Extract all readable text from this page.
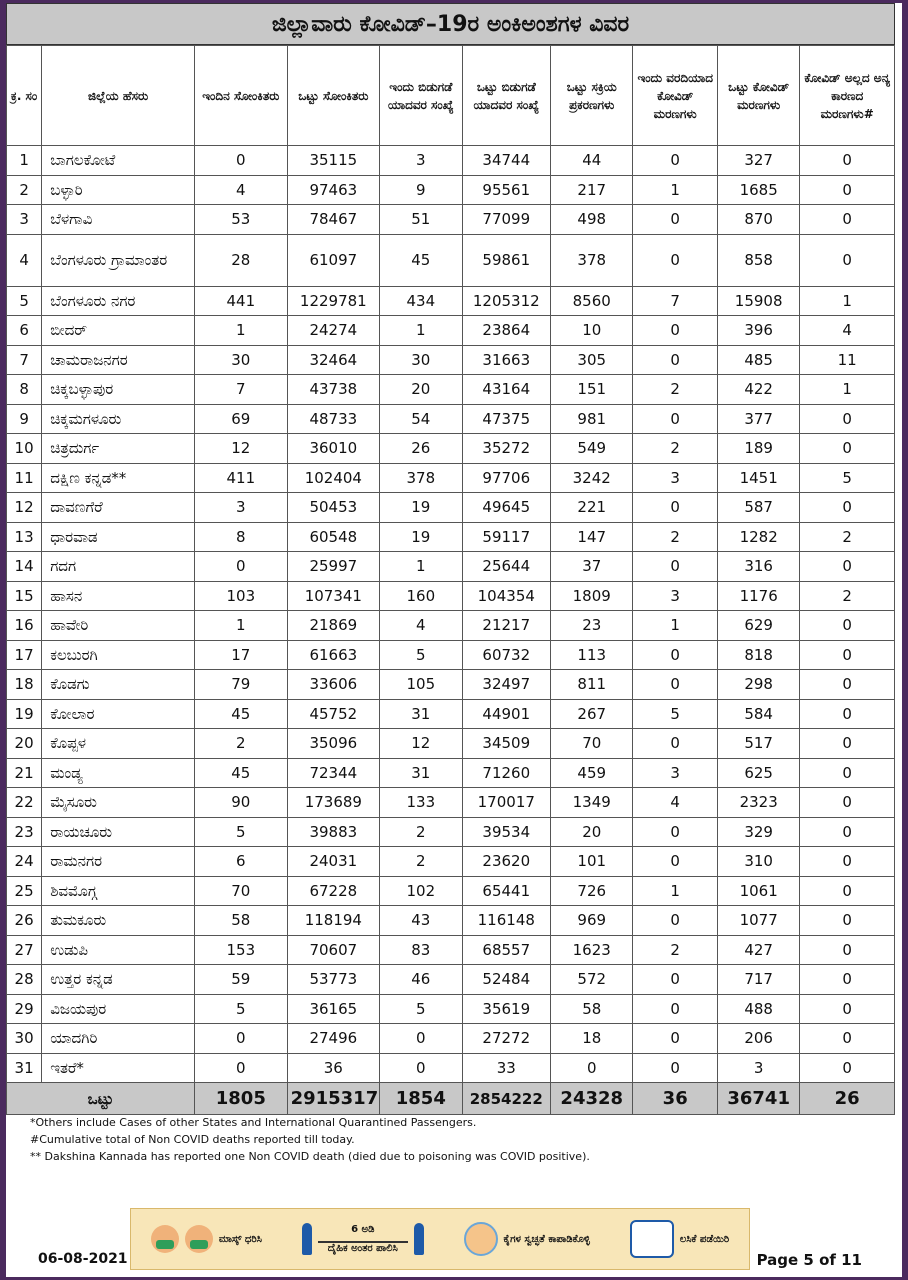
ಜಿಲ್ಲಾವಾರು ಕೋವಿಡ್–19ರ ಅಂಕಿಅಂಶಗಳ ವಿವರ
ಕ್ರ. ಸಂ	ಜಿಲ್ಲೆಯ ಹೆಸರು	ಇಂದಿನ ಸೋಂಕಿತರು	ಒಟ್ಟು ಸೋಂಕಿತರು	ಇಂದು ಬಿಡುಗಡೆ ಯಾದವರ ಸಂಖ್ಯೆ	ಒಟ್ಟು ಬಿಡುಗಡೆ ಯಾದವರ ಸಂಖ್ಯೆ	ಒಟ್ಟು ಸಕ್ರಿಯ ಪ್ರಕರಣಗಳು	ಇಂದು ವರದಿಯಾದ ಕೋವಿಡ್ ಮರಣಗಳು	ಒಟ್ಟು ಕೋವಿಡ್ ಮರಣಗಳು	ಕೋವಿಡ್ ಅಲ್ಲದ ಅನ್ಯ ಕಾರಣದ ಮರಣಗಳು#
1	ಬಾಗಲಕೋಟೆ	0	35115	3	34744	44	0	327	0
2	ಬಳ್ಳಾರಿ	4	97463	9	95561	217	1	1685	0
3	ಬೆಳಗಾವಿ	53	78467	51	77099	498	0	870	0
4	ಬೆಂಗಳೂರು ಗ್ರಾಮಾಂತರ	28	61097	45	59861	378	0	858	0
5	ಬೆಂಗಳೂರು ನಗರ	441	1229781	434	1205312	8560	7	15908	1
6	ಬೀದರ್	1	24274	1	23864	10	0	396	4
7	ಚಾಮರಾಜನಗರ	30	32464	30	31663	305	0	485	11
8	ಚಿಕ್ಕಬಳ್ಳಾಪುರ	7	43738	20	43164	151	2	422	1
9	ಚಿಕ್ಕಮಗಳೂರು	69	48733	54	47375	981	0	377	0
10	ಚಿತ್ರದುರ್ಗ	12	36010	26	35272	549	2	189	0
11	ದಕ್ಷಿಣ ಕನ್ನಡ**	411	102404	378	97706	3242	3	1451	5
12	ದಾವಣಗೆರೆ	3	50453	19	49645	221	0	587	0
13	ಧಾರವಾಡ	8	60548	19	59117	147	2	1282	2
14	ಗದಗ	0	25997	1	25644	37	0	316	0
15	ಹಾಸನ	103	107341	160	104354	1809	3	1176	2
16	ಹಾವೇರಿ	1	21869	4	21217	23	1	629	0
17	ಕಲಬುರಗಿ	17	61663	5	60732	113	0	818	0
18	ಕೊಡಗು	79	33606	105	32497	811	0	298	0
19	ಕೋಲಾರ	45	45752	31	44901	267	5	584	0
20	ಕೊಪ್ಪಳ	2	35096	12	34509	70	0	517	0
21	ಮಂಡ್ಯ	45	72344	31	71260	459	3	625	0
22	ಮೈಸೂರು	90	173689	133	170017	1349	4	2323	0
23	ರಾಯಚೂರು	5	39883	2	39534	20	0	329	0
24	ರಾಮನಗರ	6	24031	2	23620	101	0	310	0
25	ಶಿವಮೊಗ್ಗ	70	67228	102	65441	726	1	1061	0
26	ತುಮಕೂರು	58	118194	43	116148	969	0	1077	0
27	ಉಡುಪಿ	153	70607	83	68557	1623	2	427	0
28	ಉತ್ತರ ಕನ್ನಡ	59	53773	46	52484	572	0	717	0
29	ವಿಜಯಪುರ	5	36165	5	35619	58	0	488	0
30	ಯಾದಗಿರಿ	0	27496	0	27272	18	0	206	0
31	ಇತರೆ*	0	36	0	33	0	0	3	0
ಒಟ್ಟು		1805	2915317	1854	2854222	24328	36	36741	26
*Others include Cases of other States and International Quarantined Passengers.
#Cumulative total of Non COVID deaths reported till today.
** Dakshina Kannada has reported one Non COVID death (died due to poisoning was COVID positive).
ಮಾಸ್ಕ್ ಧರಿಸಿ
6 ಅಡಿ
ದೈಹಿಕ ಅಂತರ ಪಾಲಿಸಿ
ಕೈಗಳ ಸ್ವಚ್ಛತೆ ಕಾಪಾಡಿಕೊಳ್ಳಿ	ಲಸಿಕೆ ಪಡೆಯಿರಿ
06-08-2021	Page 5 of 11
